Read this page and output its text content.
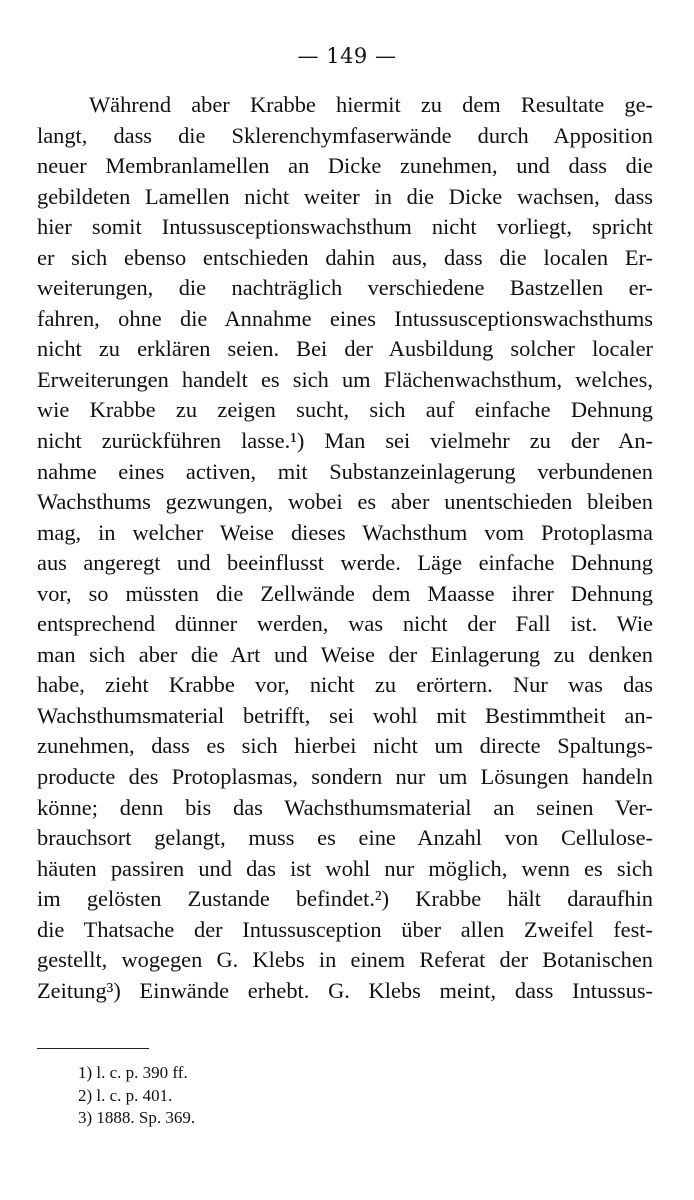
— 149 —
Während aber Krabbe hiermit zu dem Resultate ge-
langt, dass die Sklerenchymfaserwände durch Apposition
neuer Membranlamellen an Dicke zunehmen, und dass die
gebildeten Lamellen nicht weiter in die Dicke wachsen, dass
hier somit Intussusceptionswachsthum nicht vorliegt, spricht
er sich ebenso entschieden dahin aus, dass die localen Er-
weiterungen, die nachträglich verschiedene Bastzellen er-
fahren, ohne die Annahme eines Intussusceptionswachsthums
nicht zu erklären seien. Bei der Ausbildung solcher localer
Erweiterungen handelt es sich um Flächenwachsthum, welches,
wie Krabbe zu zeigen sucht, sich auf einfache Dehnung
nicht zurückführen lasse.¹) Man sei vielmehr zu der An-
nahme eines activen, mit Substanzeinlagerung verbundenen
Wachsthums gezwungen, wobei es aber unentschieden bleiben
mag, in welcher Weise dieses Wachsthum vom Protoplasma
aus angeregt und beeinflusst werde. Läge einfache Dehnung
vor, so müssten die Zellwände dem Maasse ihrer Dehnung
entsprechend dünner werden, was nicht der Fall ist. Wie
man sich aber die Art und Weise der Einlagerung zu denken
habe, zieht Krabbe vor, nicht zu erörtern. Nur was das
Wachsthumsmaterial betrifft, sei wohl mit Bestimmtheit an-
zunehmen, dass es sich hierbei nicht um directe Spaltungs-
producte des Protoplasmas, sondern nur um Lösungen handeln
könne; denn bis das Wachsthumsmaterial an seinen Ver-
brauchsort gelangt, muss es eine Anzahl von Cellulose-
häuten passiren und das ist wohl nur möglich, wenn es sich
im gelösten Zustande befindet.²) Krabbe hält daraufhin
die Thatsache der Intussusception über allen Zweifel fest-
gestellt, wogegen G. Klebs in einem Referat der Botanischen
Zeitung³) Einwände erhebt. G. Klebs meint, dass Intussus-
1) l. c. p. 390 ff.
2) l. c. p. 401.
3) 1888. Sp. 369.
